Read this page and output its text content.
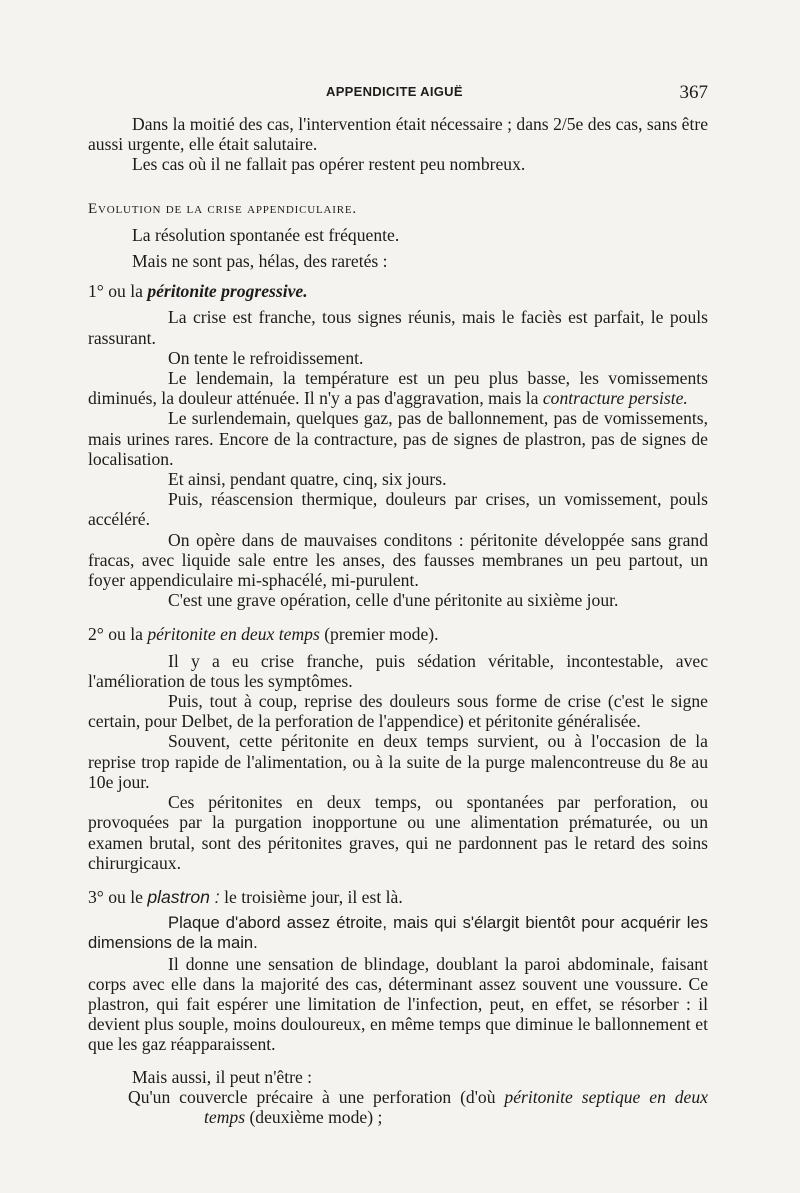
APPENDICITE AIGUË	367

Dans la moitié des cas, l'intervention était nécessaire ; dans 2/5e des cas, sans être aussi urgente, elle était salutaire.

Les cas où il ne fallait pas opérer restent peu nombreux.

Evolution de la crise appendiculaire.

La résolution spontanée est fréquente.

Mais ne sont pas, hélas, des raretés :

1° ou la péritonite progressive.

La crise est franche, tous signes réunis, mais le faciès est parfait, le pouls rassurant.

On tente le refroidissement.

Le lendemain, la température est un peu plus basse, les vomissements diminués, la douleur atténuée. Il n'y a pas d'aggravation, mais la contracture persiste.

Le surlendemain, quelques gaz, pas de ballonnement, pas de vomissements, mais urines rares. Encore de la contracture, pas de signes de plastron, pas de signes de localisation.

Et ainsi, pendant quatre, cinq, six jours.

Puis, réascension thermique, douleurs par crises, un vomissement, pouls accéléré.

On opère dans de mauvaises conditons : péritonite développée sans grand fracas, avec liquide sale entre les anses, des fausses membranes un peu partout, un foyer appendiculaire mi-sphacélé, mi-purulent.

C'est une grave opération, celle d'une péritonite au sixième jour.

2° ou la péritonite en deux temps (premier mode).

Il y a eu crise franche, puis sédation véritable, incontestable, avec l'amélioration de tous les symptômes.

Puis, tout à coup, reprise des douleurs sous forme de crise (c'est le signe certain, pour Delbet, de la perforation de l'appendice) et péritonite généralisée.

Souvent, cette péritonite en deux temps survient, ou à l'occasion de la reprise trop rapide de l'alimentation, ou à la suite de la purge malencontreuse du 8e au 10e jour.

Ces péritonites en deux temps, ou spontanées par perforation, ou provoquées par la purgation inopportune ou une alimentation prématurée, ou un examen brutal, sont des péritonites graves, qui ne pardonnent pas le retard des soins chirurgicaux.

3° ou le plastron : le troisième jour, il est là.

Plaque d'abord assez étroite, mais qui s'élargit bientôt pour acquérir les dimensions de la main.

Il donne une sensation de blindage, doublant la paroi abdominale, faisant corps avec elle dans la majorité des cas, déterminant assez souvent une voussure. Ce plastron, qui fait espérer une limitation de l'infection, peut, en effet, se résorber : il devient plus souple, moins douloureux, en même temps que diminue le ballonnement et que les gaz réapparaissent.

Mais aussi, il peut n'être :

Qu'un couvercle précaire à une perforation (d'où péritonite septique en deux temps (deuxième mode) ;
